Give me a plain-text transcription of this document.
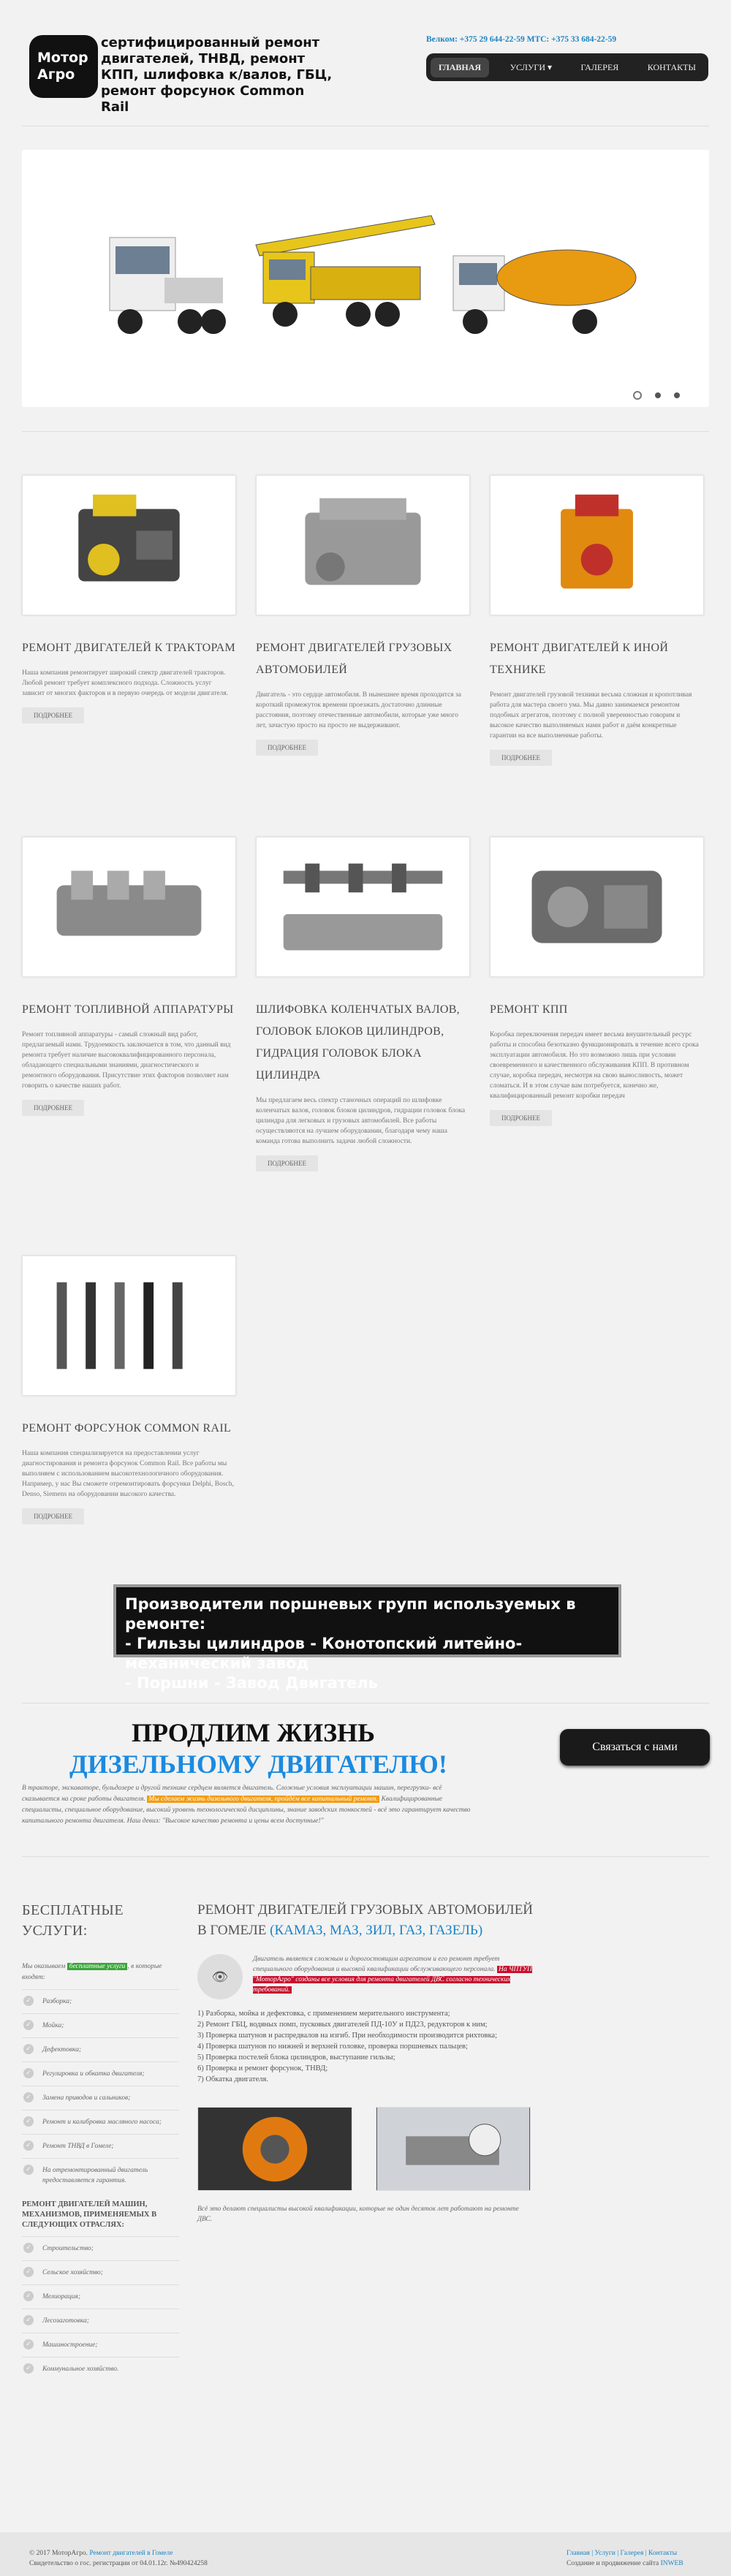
Мотор Агро
сертифицированный ремонт двигателей, ТНВД, ремонт КПП, шлифовка к/валов, ГБЦ, ремонт форсунок Common Rail
Велком: +375 29 644-22-59 МТС: +375 33 684-22-59
ГЛАВНАЯ	УСЛУГИ ▾	ГАЛЕРЕЯ	КОНТАКТЫ
РЕМОНТ ДВИГАТЕЛЕЙ К ТРАКТОРАМ
Наша компания ремонтирует широкий спектр двигателей тракторов. Любой ремонт требует комплексного подхода. Сложность услуг зависит от многих факторов и в первую очередь от модели двигателя.
ПОДРОБНЕЕ
РЕМОНТ ДВИГАТЕЛЕЙ ГРУЗОВЫХ АВТОМОБИЛЕЙ
Двигатель - это сердце автомобиля. В нынешнее время проходится за короткий промежуток времени проезжать достаточно длинные расстояния, поэтому отечественные автомобили, которые уже много лет, зачастую просто на просто не выдерживают.
ПОДРОБНЕЕ
РЕМОНТ ДВИГАТЕЛЕЙ К ИНОЙ ТЕХНИКЕ
Ремонт двигателей грузовой техники весьма сложная и кропотливая работа для мастера своего ума. Мы давно занимаемся ремонтом подобных агрегатов, поэтому с полной уверенностью говорим и высокое качество выполняемых нами работ и даём конкретные гарантии на все выполненные работы.
ПОДРОБНЕЕ
РЕМОНТ ТОПЛИВНОЙ АППАРАТУРЫ
Ремонт топливной аппаратуры - самый сложный вид работ, предлагаемый нами. Трудоемкость заключается в том, что данный вид ремонта требует наличие высококвалифицированного персонала, обладающего специальными знаниями, диагностического и ремонтного оборудования. Присутствие этих факторов позволяет нам говорить о качестве наших работ.
ПОДРОБНЕЕ
ШЛИФОВКА КОЛЕНЧАТЫХ ВАЛОВ, ГОЛОВОК БЛОКОВ ЦИЛИНДРОВ, ГИДРАЦИЯ ГОЛОВОК БЛОКА ЦИЛИНДРА
Мы предлагаем весь спектр станочных операций по шлифовке коленчатых валов, головок блоков цилиндров, гидрации головок блока цилиндра для легковых и грузовых автомобилей. Все работы осуществляются на лучшем оборудовании, благодаря чему наша команда готова выполнить задачи любой сложности.
ПОДРОБНЕЕ
РЕМОНТ КПП
Коробка переключения передач имеет весьма внушительный ресурс работы и способна безотказно функционировать в течение всего срока эксплуатации автомобиля. Но это возможно лишь при условии своевременного и качественного обслуживания КПП. В противном случае, коробка передач, несмотря на свою выносливость, может сломаться. И в этом случае вам потребуется, конечно же, квалифицированный ремонт коробки передач
ПОДРОБНЕЕ
РЕМОНТ ФОРСУНОК COMMON RAIL
Наша компания специализируется на предоставлении услуг диагностирования и ремонта форсунок Common Rail. Все работы мы выполняем с использованием высокотехнологичного оборудования. Например, у нас Вы сможете отремонтировать форсунки Delphi, Bosch, Denso, Siemens на оборудовании высокого качества.
ПОДРОБНЕЕ
Производители поршневых групп используемых в ремонте:
- Гильзы цилиндров - Конотопский литейно-механический завод
- Поршни - Завод Двигатель
ПРОДЛИМ ЖИЗНЬ
ДИЗЕЛЬНОМУ ДВИГАТЕЛЮ!
Связаться с нами
В тракторе, экскаваторе, бульдозере и другой технике сердцем является двигатель. Сложные условия эксплуатации машин, перегрузки- всё сказывается на сроке работы двигателя. Мы сделаем жизнь дизельного двигателя, пройдём все капитальный ремонт. Квалифицированные специалисты, специальное оборудование, высокий уровень технологической дисциплины, знание заводских тонкостей - всё это гарантирует качество капитального ремонта двигателя. Наш девиз: "Высокое качество ремонта и цены всем доступные!"
БЕСПЛАТНЫЕ УСЛУГИ:
Мы оказываем бесплатные услуги , в которые входят:
✓	Разборка;
✓	Мойка;
✓	Дефектовка;
✓	Регулировка и обкатка двигателя;
✓	Замена приводов и сальников;
✓	Ремонт и калибровка масляного насоса;
✓	Ремонт ТНВД в Гомеле;
✓	На отремонтированный двигатель предоставляется гарантия.
РЕМОНТ ДВИГАТЕЛЕЙ МАШИН, МЕХАНИЗМОВ, ПРИМЕНЯЕМЫХ В СЛЕДУЮЩИХ ОТРАСЛЯХ:
✓	Строительство;
✓	Сельское хозяйство;
✓	Мелиорация;
✓	Лесозаготовка;
✓	Машиностроение;
✓	Коммунальное хозяйство.
РЕМОНТ ДВИГАТЕЛЕЙ ГРУЗОВЫХ АВТОМОБИЛЕЙ В ГОМЕЛЕ (КАМАЗ, МАЗ, ЗИЛ, ГАЗ, ГАЗЕЛЬ)
👁
Двигатель является сложным и дорогостоящим агрегатом и его ремонт требует специального оборудования и высокой квалификации обслуживающего персонала. На ЧПТУП "МоторАгро" созданы все условия для ремонта двигателей ДВС согласно технических требований.
1) Разборка, мойка и дефектовка, с применением мерительного инструмента;
2) Ремонт ГБЦ, водяных помп, пусковых двигателей ПД-10У и ПД23, редукторов к ним;
3) Проверка шатунов и распредвалов на изгиб. При необходимости производится рихтовка;
4) Проверка шатунов по нижней и верхней головке, проверка поршневых пальцев;
5) Проверка постелей блока цилиндров, выступание гильзы;
6) Проверка и ремонт форсунок, ТНВД;
7) Обкатка двигателя.
Всё это делают специалисты высокой квалификации, которые не один десяток лет работают на ремонте ДВС.
© 2017 МоторАгро. Ремонт двигателей в Гомеле
Свидетельство о гос. регистрации от 04.01.12г. №490424258
Главная | Услуги | Галерея | Контакты
Создание и продвижение сайта INWEB
